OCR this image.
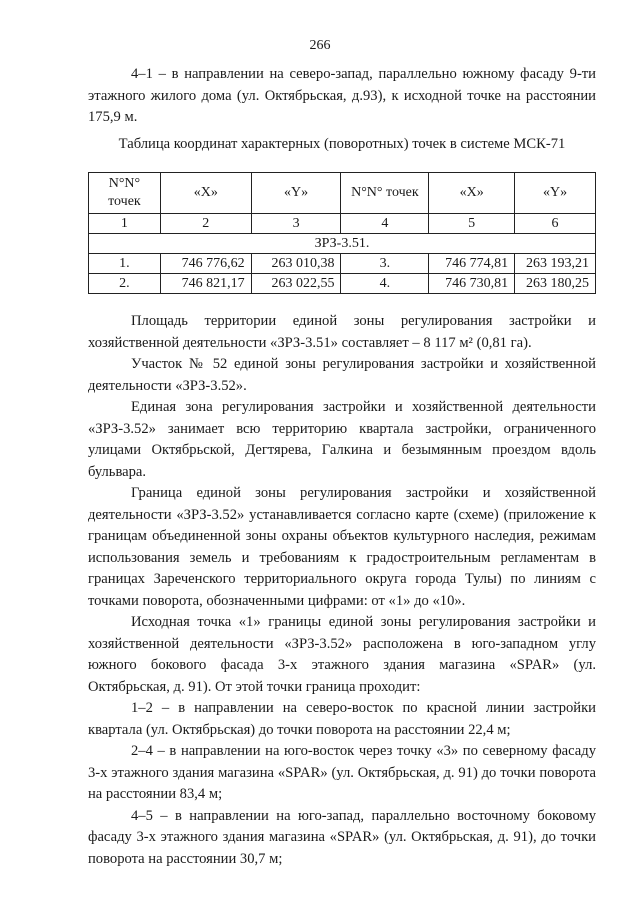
266
4–1 – в направлении на северо-запад, параллельно южному фасаду 9-ти этажного жилого дома (ул. Октябрьская, д.93), к исходной точке на расстоянии 175,9 м.
Таблица координат характерных (поворотных) точек в системе МСК-71
N°N° точек	«X»	«Y»	N°N° точек	«X»	«Y»
1	2	3	4	5	6
ЗРЗ-3.51.					
1.	746 776,62	263 010,38	3.	746 774,81	263 193,21
2.	746 821,17	263 022,55	4.	746 730,81	263 180,25
Площадь территории единой зоны регулирования застройки и хозяйственной деятельности «ЗРЗ-3.51» составляет – 8 117 м² (0,81 га).
Участок № 52 единой зоны регулирования застройки и хозяйственной деятельности «ЗРЗ-3.52».
Единая зона регулирования застройки и хозяйственной деятельности «ЗРЗ-3.52» занимает всю территорию квартала застройки, ограниченного улицами Октябрьской, Дегтярева, Галкина и безымянным проездом вдоль бульвара.
Граница единой зоны регулирования застройки и хозяйственной деятельности «ЗРЗ-3.52» устанавливается согласно карте (схеме) (приложение к границам объединенной зоны охраны объектов культурного наследия, режимам использования земель и требованиям к градостроительным регламентам в границах Зареченского территориального округа города Тулы) по линиям с точками поворота, обозначенными цифрами: от «1» до «10».
Исходная точка «1» границы единой зоны регулирования застройки и хозяйственной деятельности «ЗРЗ-3.52» расположена в юго-западном углу южного бокового фасада 3-х этажного здания магазина «SPAR» (ул. Октябрьская, д. 91). От этой точки граница проходит:
1–2 – в направлении на северо-восток по красной линии застройки квартала (ул. Октябрьская) до точки поворота на расстоянии 22,4 м;
2–4 – в направлении на юго-восток через точку «3» по северному фасаду 3-х этажного здания магазина «SPAR» (ул. Октябрьская, д. 91) до точки поворота на расстоянии 83,4 м;
4–5 – в направлении на юго-запад, параллельно восточному боковому фасаду 3-х этажного здания магазина «SPAR» (ул. Октябрьская, д. 91), до точки поворота на расстоянии 30,7 м;
